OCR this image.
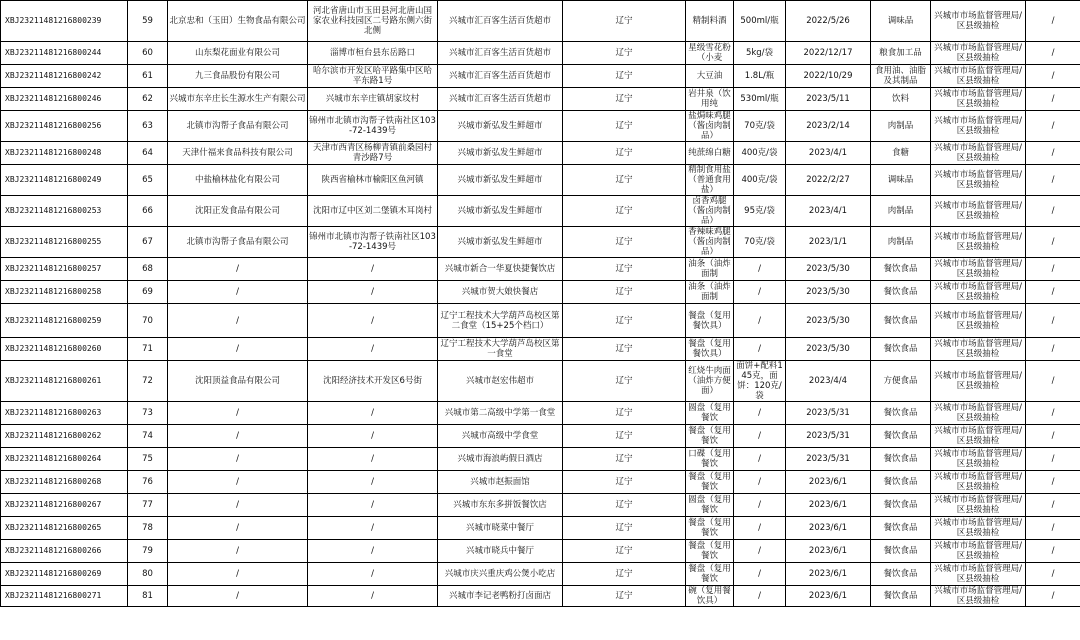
XBJ23211481216800239	59	北京忠和（玉田）生物食品有限公司	河北省唐山市玉田县河北唐山国家农业科技园区二号路东侧六街北侧	兴城市汇百客生活百货超市	辽宁	精制料酒	500ml/瓶	2022/5/26	调味品	兴城市市场监督管理局/区县级抽检	/
XBJ23211481216800244	60	山东梨花面业有限公司	淄博市桓台县东岳路口	兴城市汇百客生活百货超市	辽宁	星级雪花粉（小麦	5kg/袋	2022/12/17	粮食加工品	兴城市市场监督管理局/区县级抽检	/
XBJ23211481216800242	61	九三食品股份有限公司	哈尔滨市开发区哈平路集中区哈平东路1号	兴城市汇百客生活百货超市	辽宁	大豆油	1.8L/瓶	2022/10/29	食用油、油脂及其制品	兴城市市场监督管理局/区县级抽检	/
XBJ23211481216800246	62	兴城市东辛庄长生源水生产有限公司	兴城市东辛庄镇胡家坟村	兴城市汇百客生活百货超市	辽宁	岩井泉（饮用纯	530ml/瓶	2023/5/11	饮料	兴城市市场监督管理局/区县级抽检	/
XBJ23211481216800256	63	北镇市沟帮子食品有限公司	锦州市北镇市沟帮子铁南社区103-72-1439号	兴城市新弘发生鲜超市	辽宁	盐焗味鸡腿（酱卤肉制品）	70克/袋	2023/2/14	肉制品	兴城市市场监督管理局/区县级抽检	/
XBJ23211481216800248	64	天津什福来食品科技有限公司	天津市西青区杨柳青镇前桑园村青沙路7号	兴城市新弘发生鲜超市	辽宁	纯蔗绵白糖	400克/袋	2023/4/1	食糖	兴城市市场监督管理局/区县级抽检	/
XBJ23211481216800249	65	中盐榆林盐化有限公司	陕西省榆林市榆阳区鱼河镇	兴城市新弘发生鲜超市	辽宁	精制食用盐（普通食用盐）	400克/袋	2022/2/27	调味品	兴城市市场监督管理局/区县级抽检	/
XBJ23211481216800253	66	沈阳正发食品有限公司	沈阳市辽中区刘二堡镇木耳岗村	兴城市新弘发生鲜超市	辽宁	卤香鸡腿（酱卤肉制品）	95克/袋	2023/4/1	肉制品	兴城市市场监督管理局/区县级抽检	/
XBJ23211481216800255	67	北镇市沟帮子食品有限公司	锦州市北镇市沟帮子铁南社区103-72-1439号	兴城市新弘发生鲜超市	辽宁	香辣味鸡腿（酱卤肉制品）	70克/袋	2023/1/1	肉制品	兴城市市场监督管理局/区县级抽检	/
XBJ23211481216800257	68	/	/	兴城市新合一华夏快捷餐饮店	辽宁	油条（油炸面制	/	2023/5/30	餐饮食品	兴城市市场监督管理局/区县级抽检	/
XBJ23211481216800258	69	/	/	兴城市贺大娘快餐店	辽宁	油条（油炸面制	/	2023/5/30	餐饮食品	兴城市市场监督管理局/区县级抽检	/
XBJ23211481216800259	70	/	/	辽宁工程技术大学葫芦岛校区第二食堂（15+25个档口）	辽宁	餐盘（复用餐饮具）	/	2023/5/30	餐饮食品	兴城市市场监督管理局/区县级抽检	/
XBJ23211481216800260	71	/	/	辽宁工程技术大学葫芦岛校区第一食堂	辽宁	餐盘（复用餐饮具）	/	2023/5/30	餐饮食品	兴城市市场监督管理局/区县级抽检	/
XBJ23211481216800261	72	沈阳顶益食品有限公司	沈阳经济技术开发区6号街	兴城市赵宏伟超市	辽宁	红烧牛肉面（油炸方便面）	面饼+配料145克，面饼：120克/袋	2023/4/4	方便食品	兴城市市场监督管理局/区县级抽检	/
XBJ23211481216800263	73	/	/	兴城市第二高级中学第一食堂	辽宁	圆盘（复用餐饮	/	2023/5/31	餐饮食品	兴城市市场监督管理局/区县级抽检	/
XBJ23211481216800262	74	/	/	兴城市高级中学食堂	辽宁	餐盘（复用餐饮	/	2023/5/31	餐饮食品	兴城市市场监督管理局/区县级抽检	/
XBJ23211481216800264	75	/	/	兴城市海浪屿假日酒店	辽宁	口碟（复用餐饮	/	2023/5/31	餐饮食品	兴城市市场监督管理局/区县级抽检	/
XBJ23211481216800268	76	/	/	兴城市赵振面馆	辽宁	餐盘（复用餐饮	/	2023/6/1	餐饮食品	兴城市市场监督管理局/区县级抽检	/
XBJ23211481216800267	77	/	/	兴城市东东多拼饭餐饮店	辽宁	圆盘（复用餐饮	/	2023/6/1	餐饮食品	兴城市市场监督管理局/区县级抽检	/
XBJ23211481216800265	78	/	/	兴城市晓菜中餐厅	辽宁	餐盘（复用餐饮	/	2023/6/1	餐饮食品	兴城市市场监督管理局/区县级抽检	/
XBJ23211481216800266	79	/	/	兴城市晓兵中餐厅	辽宁	餐盘（复用餐饮	/	2023/6/1	餐饮食品	兴城市市场监督管理局/区县级抽检	/
XBJ23211481216800269	80	/	/	兴城市庆兴重庆鸡公煲小吃店	辽宁	餐盘（复用餐饮	/	2023/6/1	餐饮食品	兴城市市场监督管理局/区县级抽检	/
XBJ23211481216800271	81	/	/	兴城市李记老鸭粉打卤面店	辽宁	碗（复用餐饮具）	/	2023/6/1	餐饮食品	兴城市市场监督管理局/区县级抽检	/
